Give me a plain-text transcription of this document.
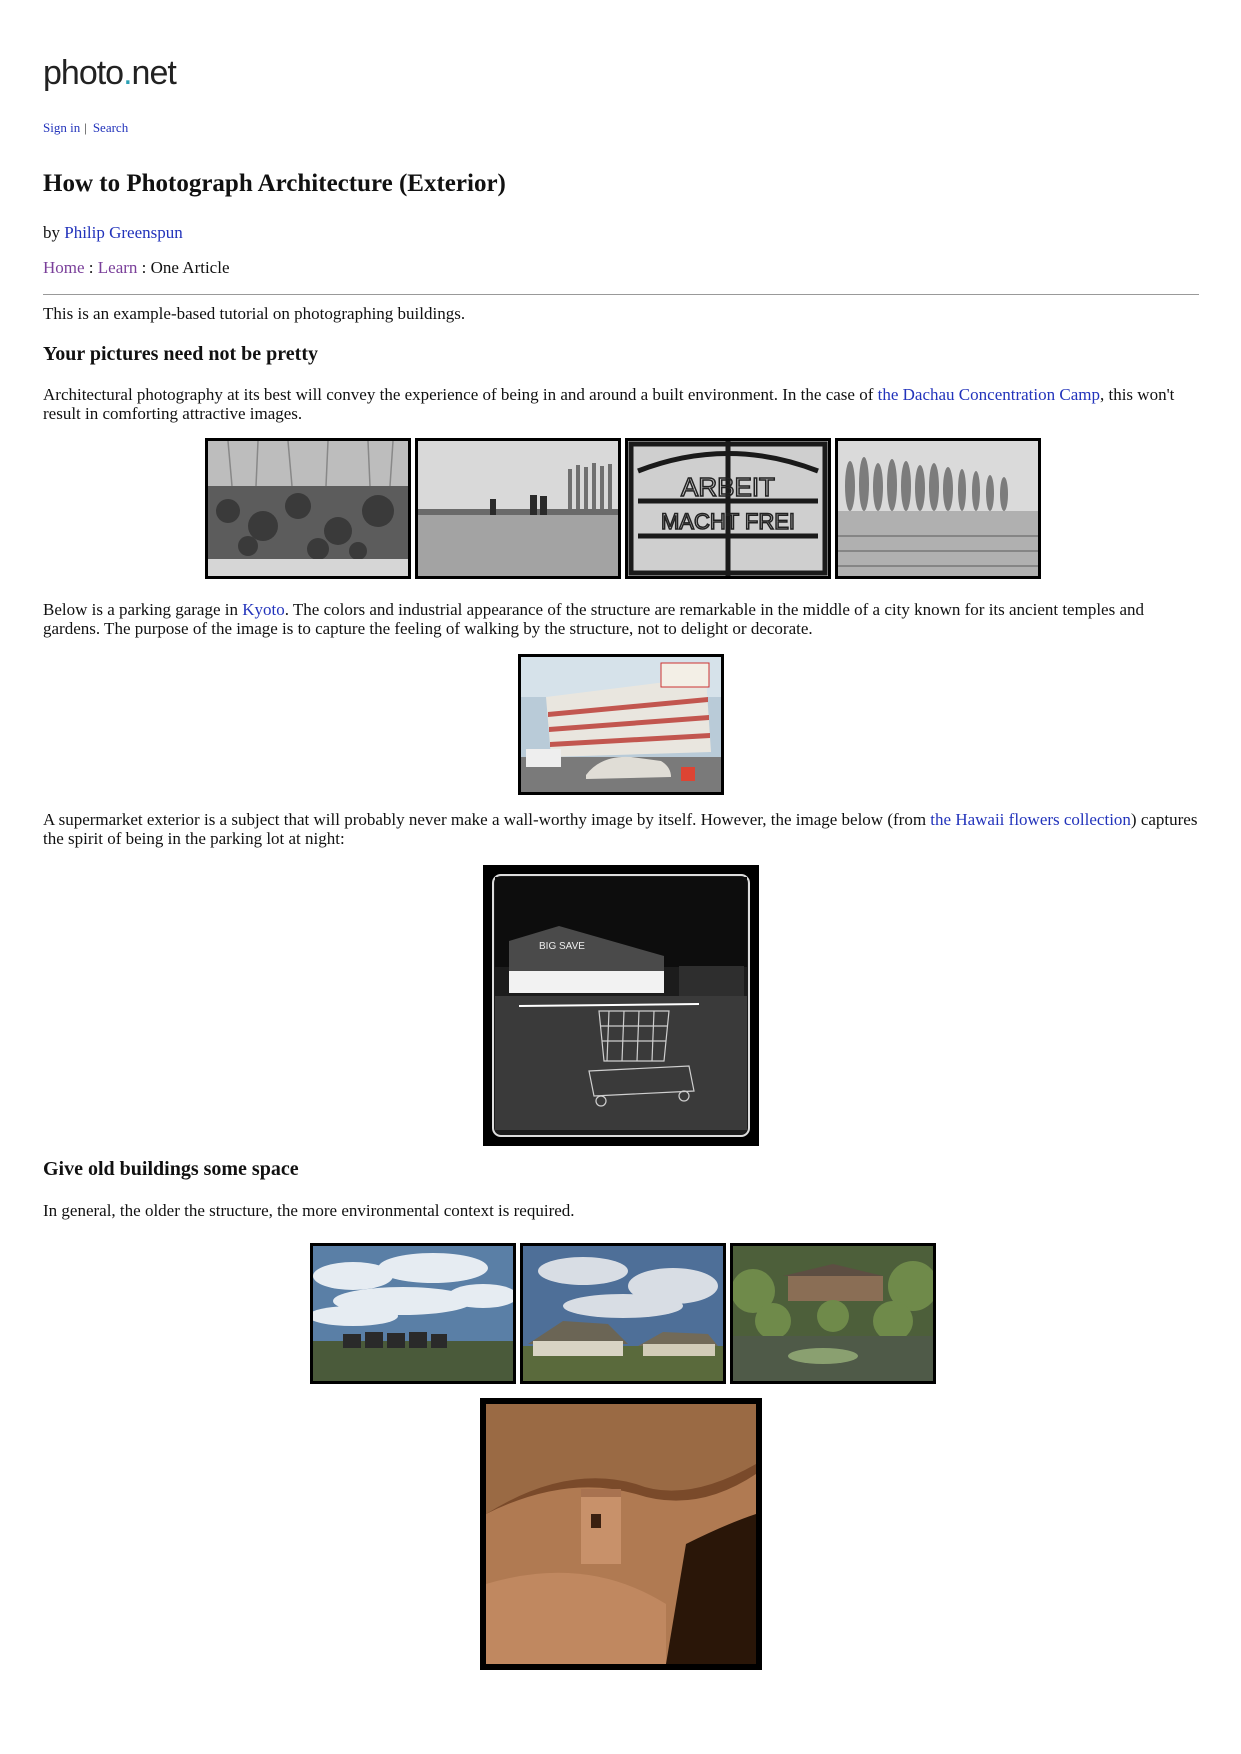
photo.net
Sign in | Search
How to Photograph Architecture (Exterior)
by Philip Greenspun
Home : Learn : One Article

This is an example-based tutorial on photographing buildings.

Your pictures need not be pretty

Architectural photography at its best will convey the experience of being in and around a built environment. In the case of the Dachau Concentration Camp, this won't result in comforting attractive images.

ARBEIT
MACHT FREI

Below is a parking garage in Kyoto. The colors and industrial appearance of the structure are remarkable in the middle of a city known for its ancient temples and gardens. The purpose of the image is to capture the feeling of walking by the structure, not to delight or decorate.

A supermarket exterior is a subject that will probably never make a wall-worthy image by itself. However, the image below (from the Hawaii flowers collection) captures the spirit of being in the parking lot at night:

BIG SAVE
Give old buildings some space

In general, the older the structure, the more environmental context is required.
